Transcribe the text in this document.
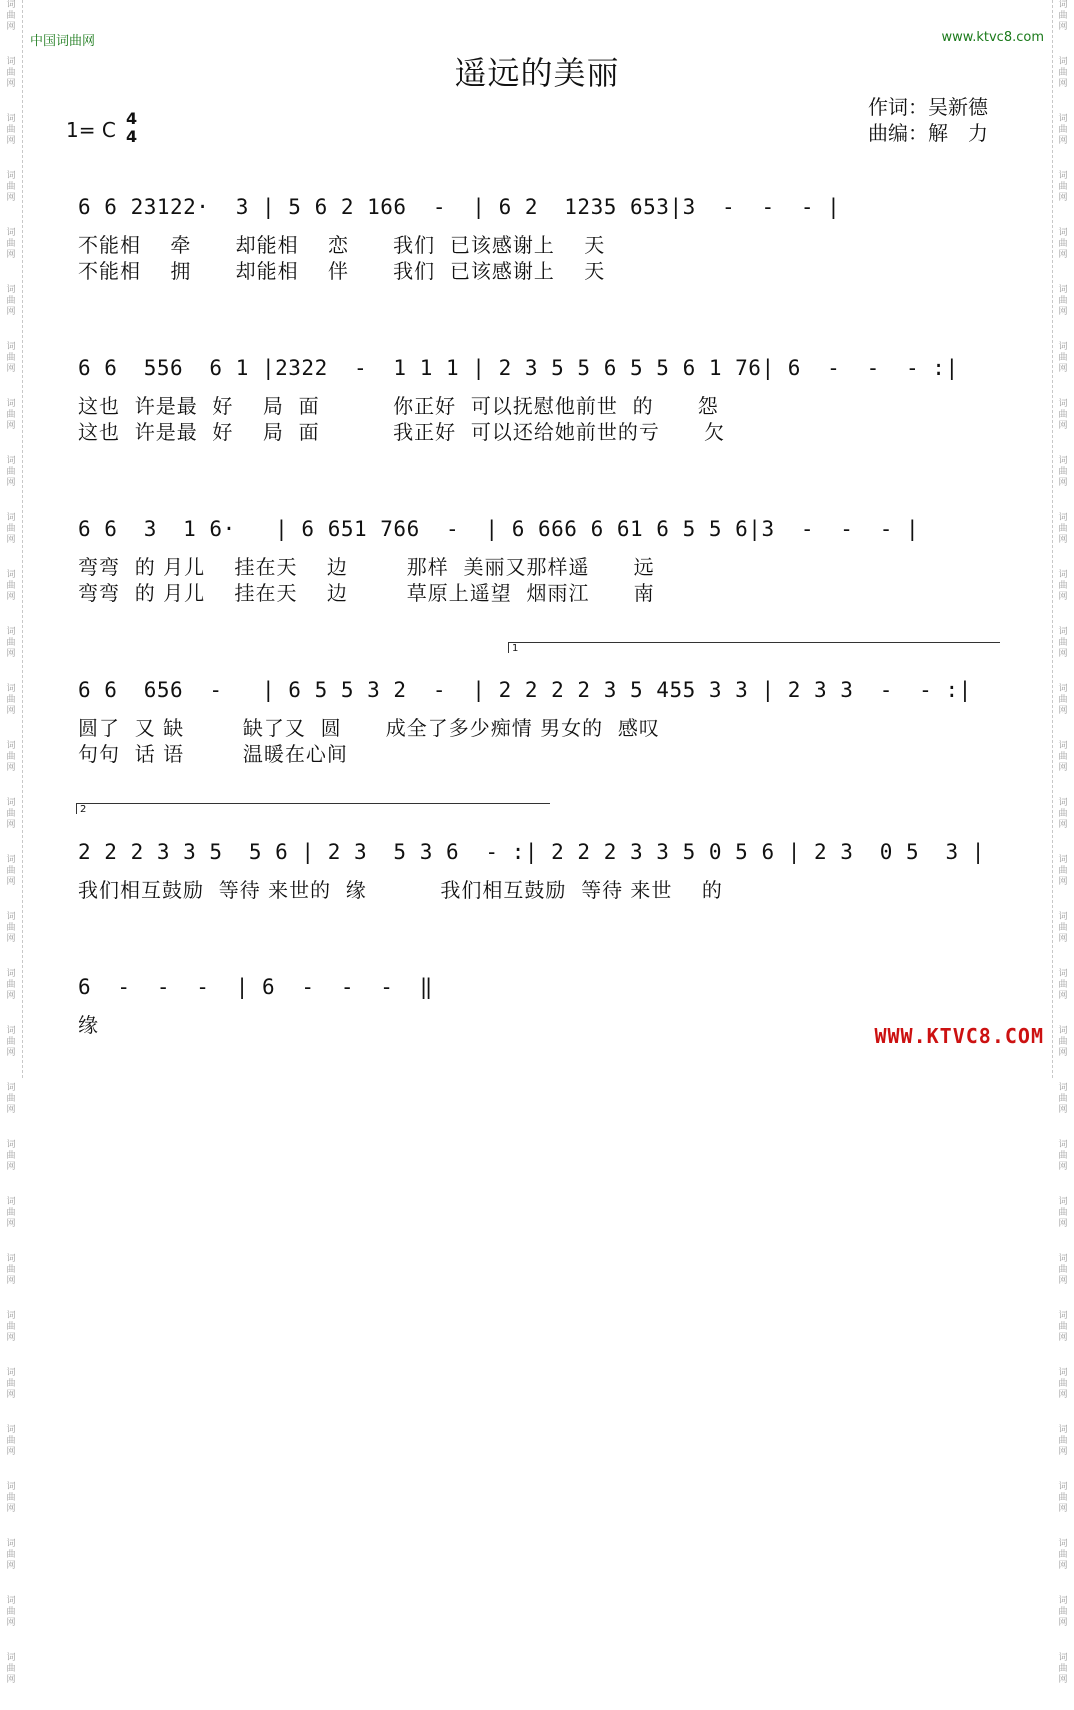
词
曲
网
词
曲
网
词
曲
网
词
曲
网
词
曲
网
词
曲
网
词
曲
网
词
曲
网
词
曲
网
词
曲
网
词
曲
网
词
曲
网
词
曲
网
词
曲
网
词
曲
网
词
曲
网
词
曲
网
词
曲
网
词
曲
网
词
曲
网
词
曲
网
词
曲
网
词
曲
网
词
曲
网
词
曲
网
词
曲
网
词
曲
网
词
曲
网
词
曲
网
词
曲
网
词
曲
网
词
曲
网
词
曲
网
词
曲
网
词
曲
网
词
曲
网
词
曲
网
词
曲
网
词
曲
网
词
曲
网
词
曲
网
词
曲
网
词
曲
网
词
曲
网
词
曲
网
词
曲
网
词
曲
网
词
曲
网
词
曲
网
词
曲
网
词
曲
网
词
曲
网
词
曲
网
词
曲
网
词
曲
网
词
曲
网
词
曲
网
词
曲
网
词
曲
网
词
曲
网
中国词曲网	www.ktvc8.com
遥远的美丽
1= C 4
4
作词：吴新德
曲编：解　力
6 6 23122·  3 | 5 6 2 166  -  | 6 2  1235 653|3  -  -  - |
不能相    牵      却能相    恋      我们  已该感谢上    天
不能相    拥      却能相    伴      我们  已该感谢上    天
6 6  556  6 1 |2322  -  1 1 1 | 2 3 5 5 6 5 5 6 1 76| 6  -  -  - :|
这也  许是最  好    局  面          你正好  可以抚慰他前世  的      怨
这也  许是最  好    局  面          我正好  可以还给她前世的亏      欠
6 6  3  1 6·   | 6 651 766  -  | 6 666 6 61 6 5 5 6|3  -  -  - |
弯弯  的 月儿    挂在天    边        那样  美丽又那样遥      远
弯弯  的 月儿    挂在天    边        草原上遥望  烟雨江      南
1
6 6  656  -   | 6 5 5 3 2  -  | 2 2 2 2 3 5 455 3 3 | 2 3 3  -  - :|
圆了  又 缺        缺了又  圆      成全了多少痴情 男女的  感叹
句句  话 语        温暖在心间
2
2 2 2 3 3 5  5 6 | 2 3  5 3 6  - :| 2 2 2 3 3 5 0 5 6 | 2 3  0 5  3 |
我们相互鼓励  等待 来世的  缘          我们相互鼓励  等待 来世    的
6  -  -  -  | 6  -  -  -  ‖
缘	WWW.KTVC8.COM
